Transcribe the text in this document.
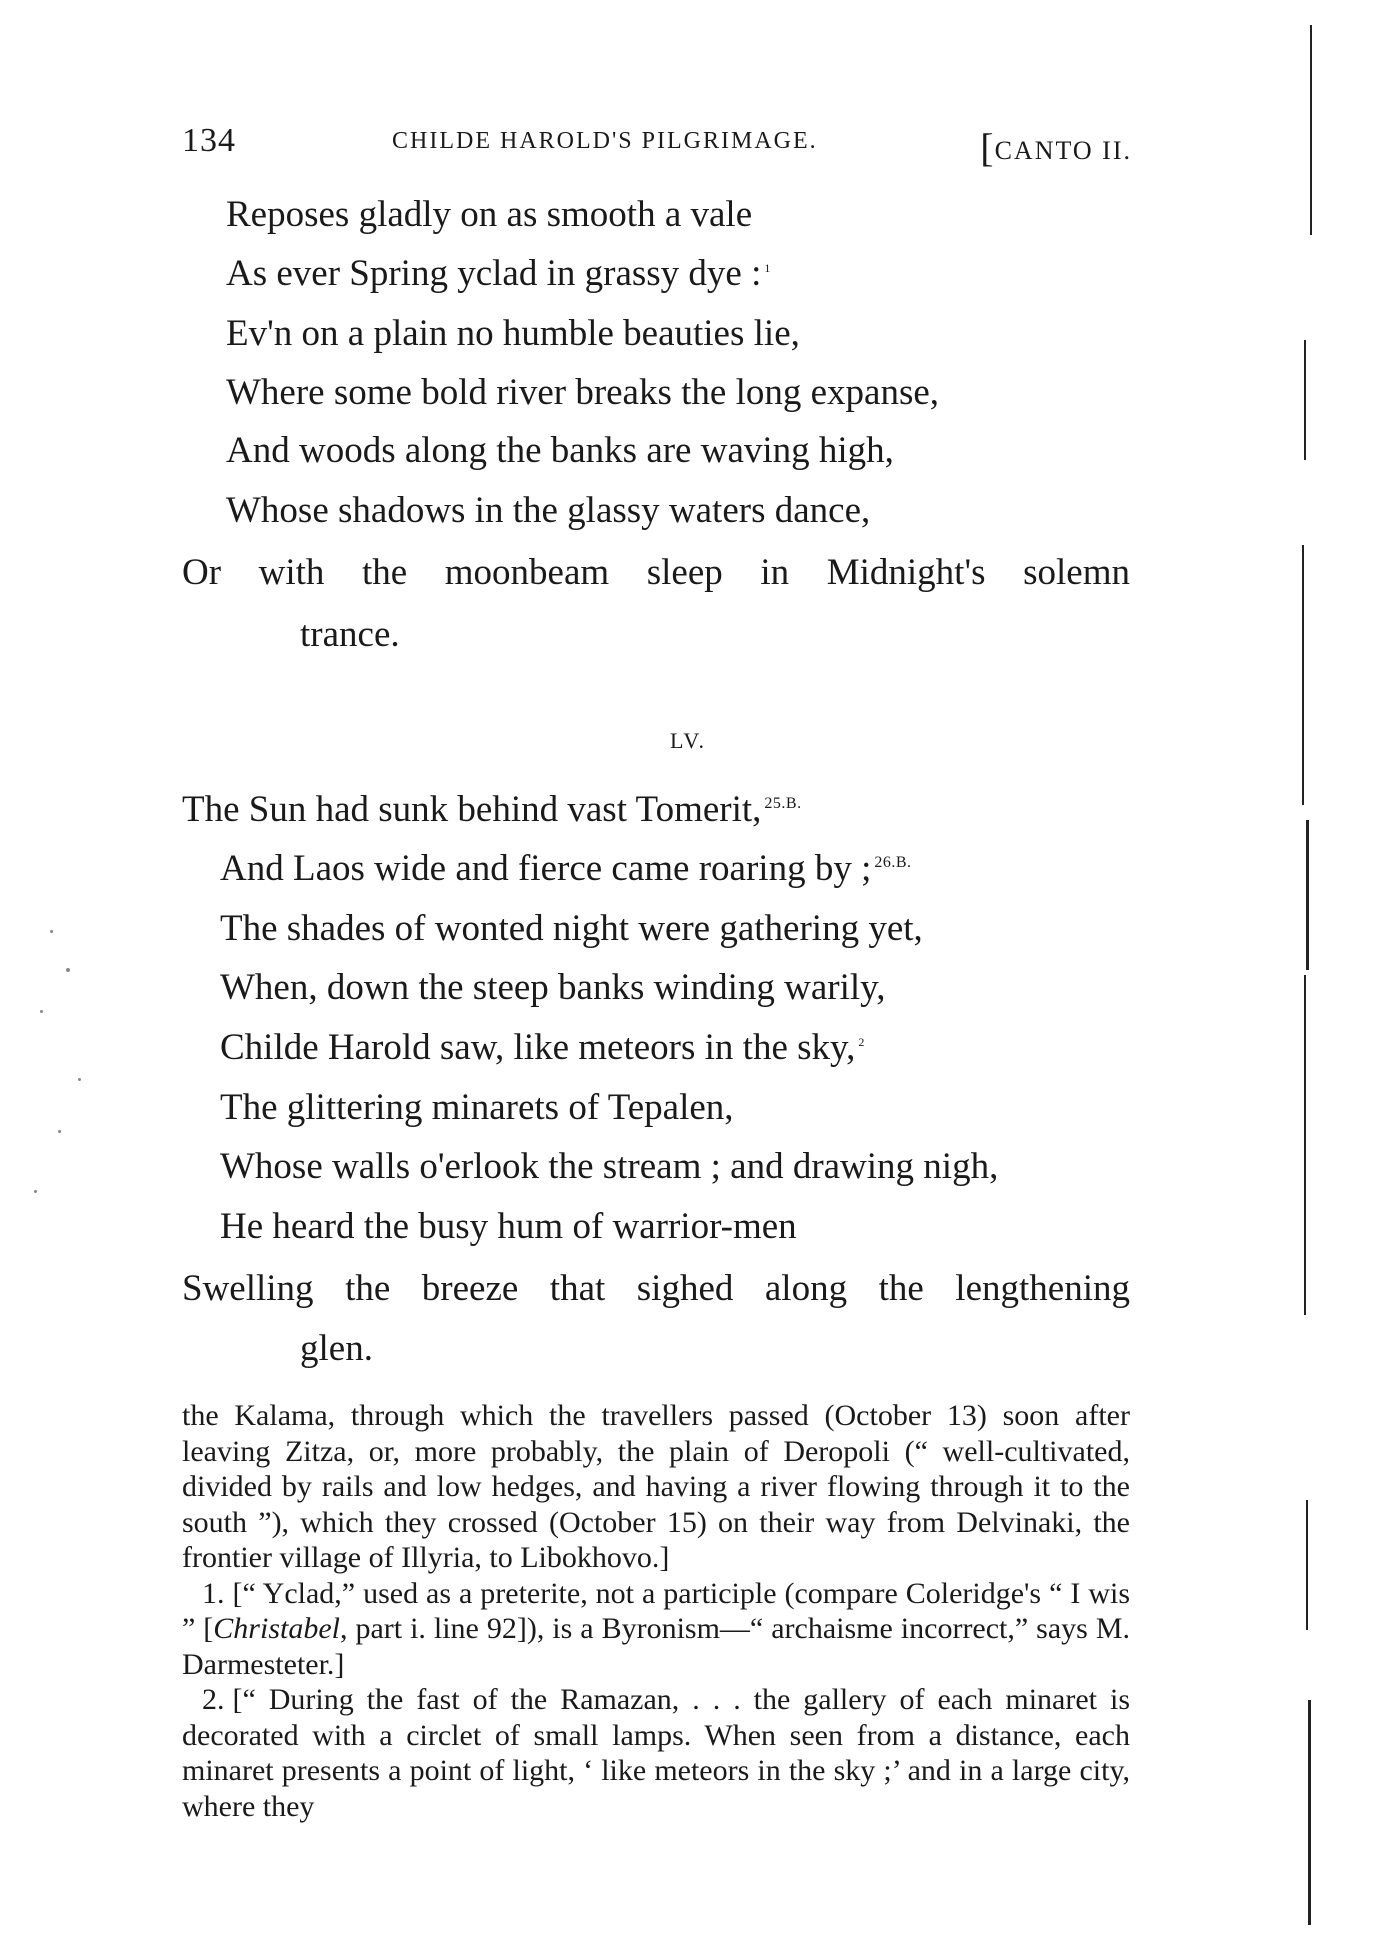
134	CHILDE HAROLD'S PILGRIMAGE.	[CANTO II.
Reposes gladly on as smooth a vale
As ever Spring yclad in grassy dye : $^1$
Ev'n on a plain no humble beauties lie,
Where some bold river breaks the long expanse,
And woods along the banks are waving high,
Whose shadows in the glassy waters dance,
Or with the moonbeam sleep in Midnight's solemn
trance.
LV.
The Sun had sunk behind vast Tomerit, $^{25.B.}$
And Laos wide and fierce came roaring by ; $^{26.B.}$
The shades of wonted night were gathering yet,
When, down the steep banks winding warily,
Childe Harold saw, like meteors in the sky, $^2$
The glittering minarets of Tepalen,
Whose walls o'erlook the stream ; and drawing nigh,
He heard the busy hum of warrior-men
Swelling the breeze that sighed along the lengthening
glen.

the Kalama, through which the travellers passed (October 13) soon after leaving Zitza, or, more probably, the plain of Deropoli (“ well-cultivated, divided by rails and low hedges, and having a river flowing through it to the south ”), which they crossed (October 15) on their way from Delvinaki, the frontier village of Illyria, to Libokhovo.]

1. [“ Yclad,” used as a preterite, not a participle (compare Coleridge's “ I wis ” [Christabel, part i. line 92]), is a Byronism—“ archaisme incorrect,” says M. Darmesteter.]

2. [“ During the fast of the Ramazan, . . . the gallery of each minaret is decorated with a circlet of small lamps. When seen from a distance, each minaret presents a point of light, ‘ like meteors in the sky ;’ and in a large city, where they
